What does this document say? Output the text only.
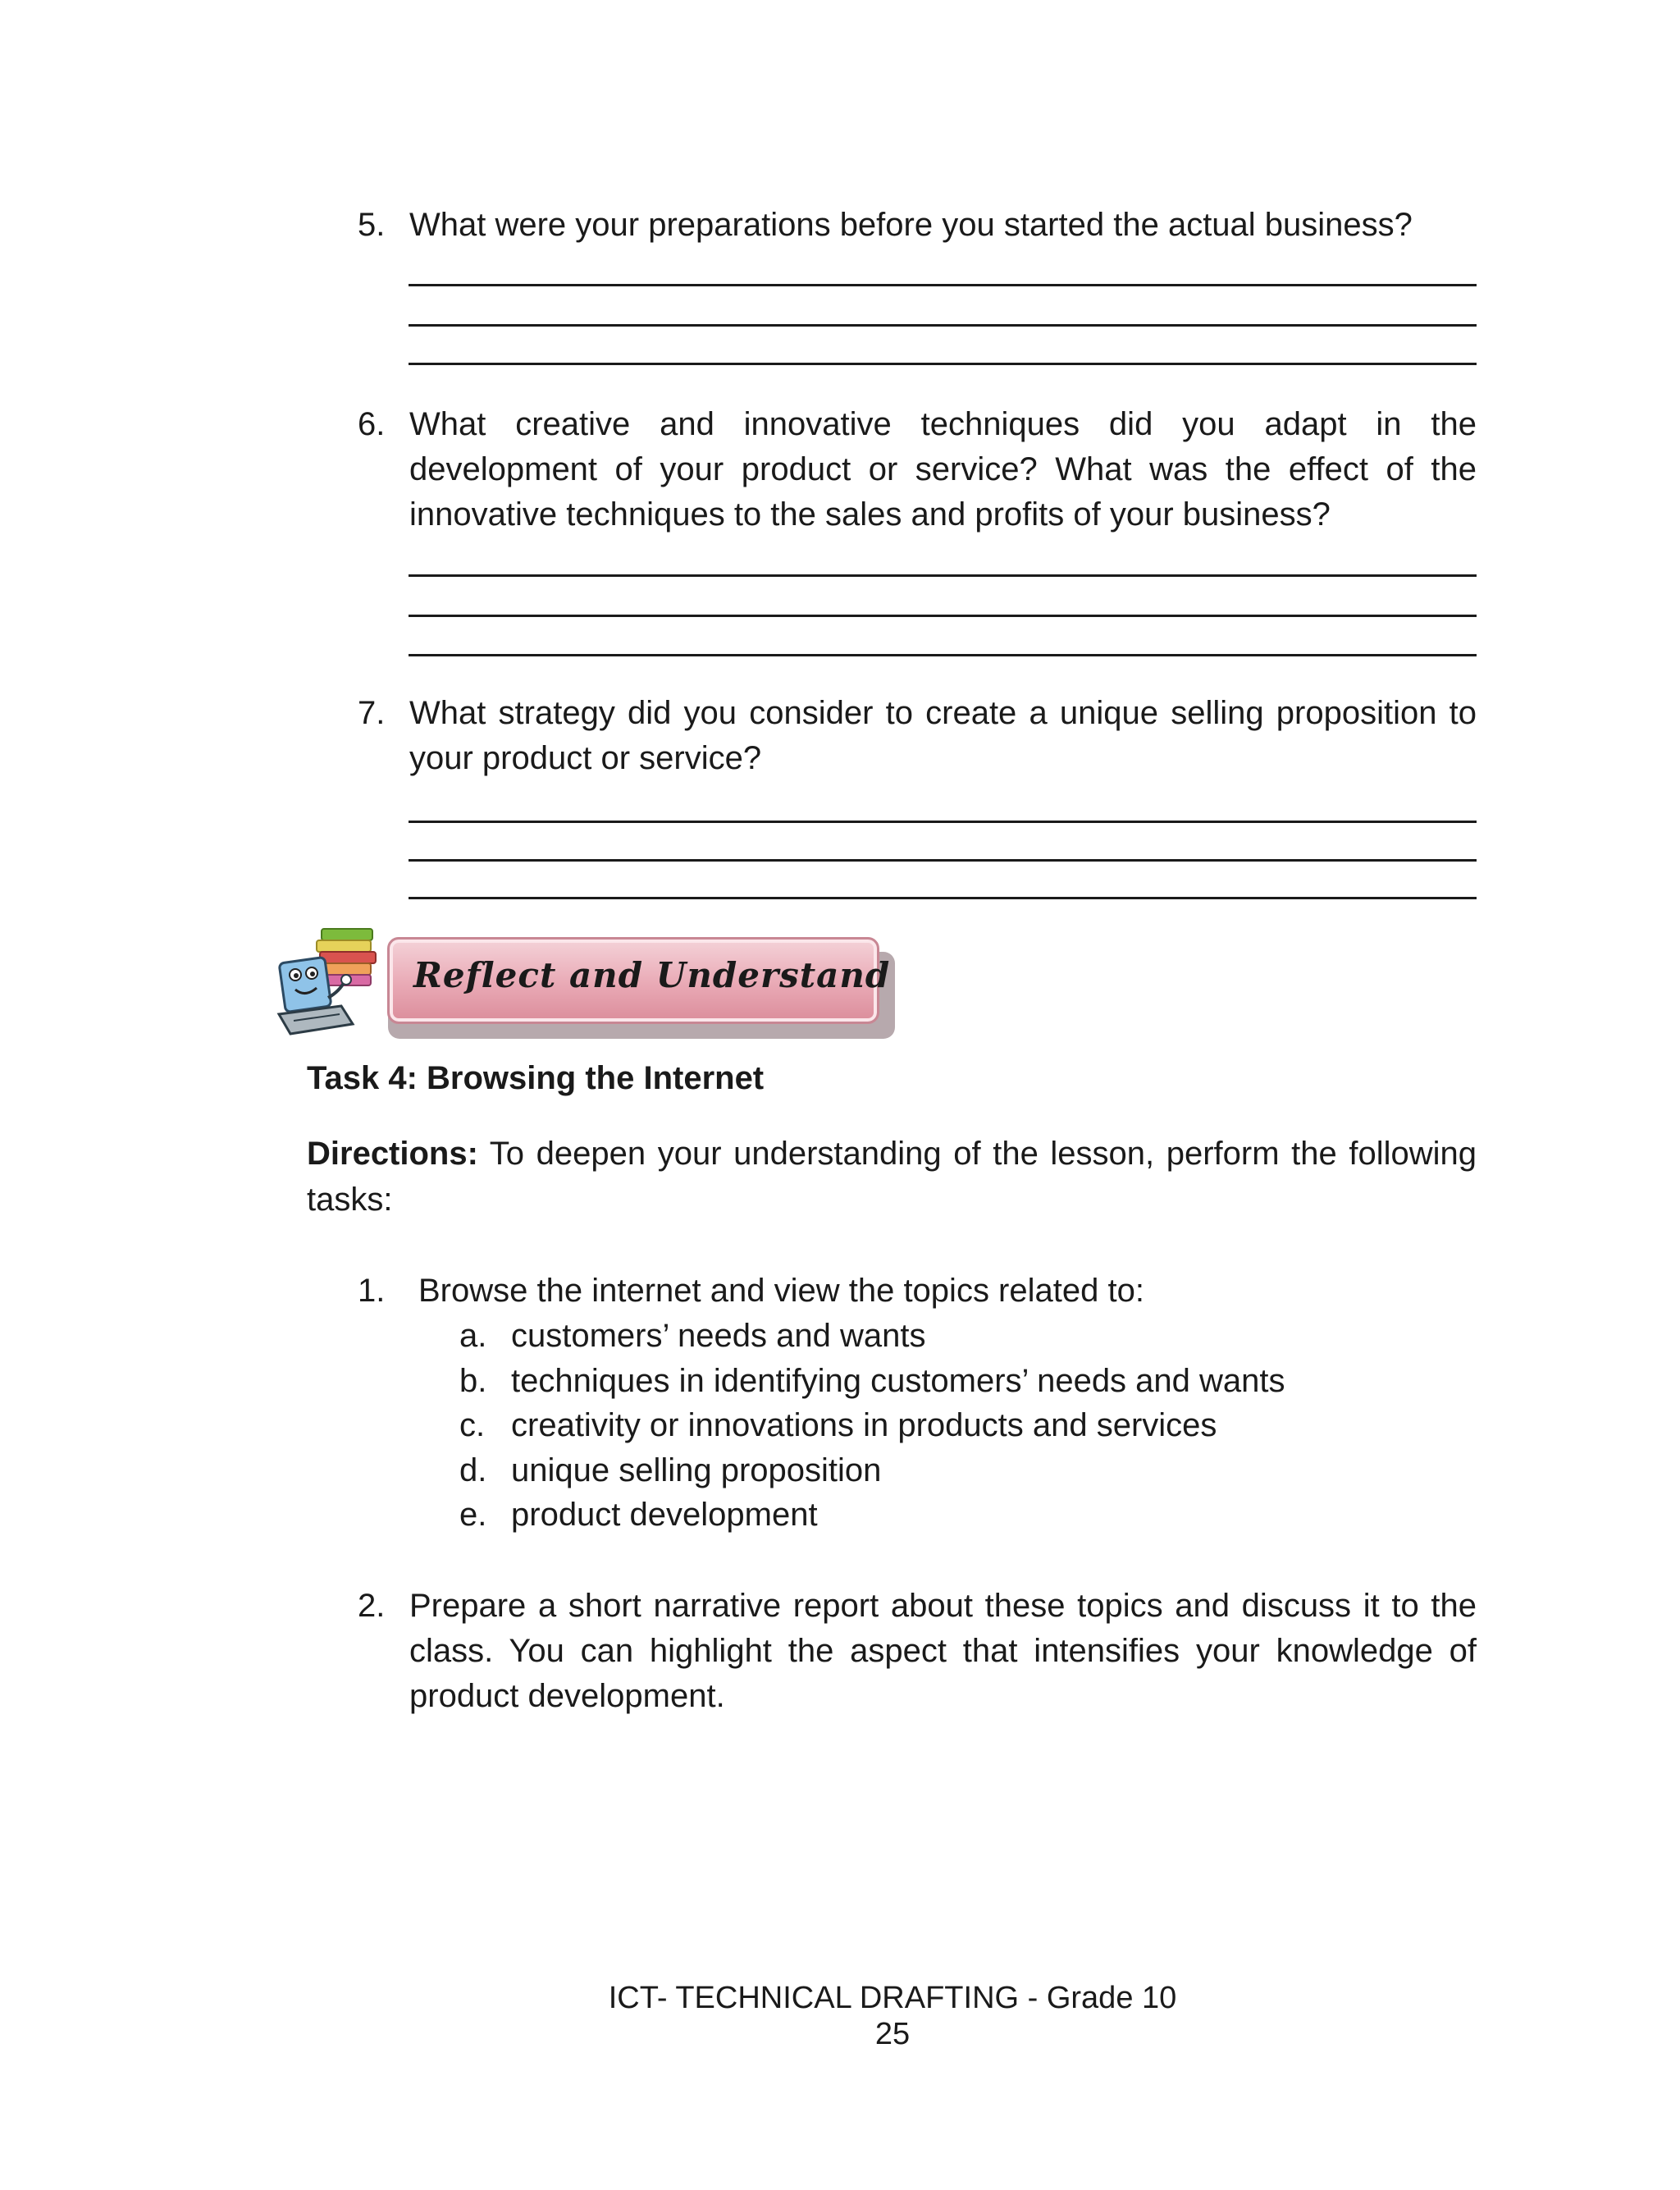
5. What were your preparations before you started the actual business?
6. What creative and innovative techniques did you adapt in the development of your product or service? What was the effect of the innovative techniques to the sales and profits of your business?
7. What strategy did you consider to create a unique selling proposition to your product or service?
Reflect and Understand
Task 4: Browsing the Internet
Directions: To deepen your understanding of the lesson, perform the following tasks:
1. Browse the internet and view the topics related to:
a. customers’ needs and wants
b. techniques in identifying customers’ needs and wants
c. creativity or innovations in products and services
d. unique selling proposition
e. product development
2. Prepare a short narrative report about these topics and discuss it to the class. You can highlight the aspect that intensifies your knowledge of product development.
ICT- TECHNICAL DRAFTING - Grade 10
25
